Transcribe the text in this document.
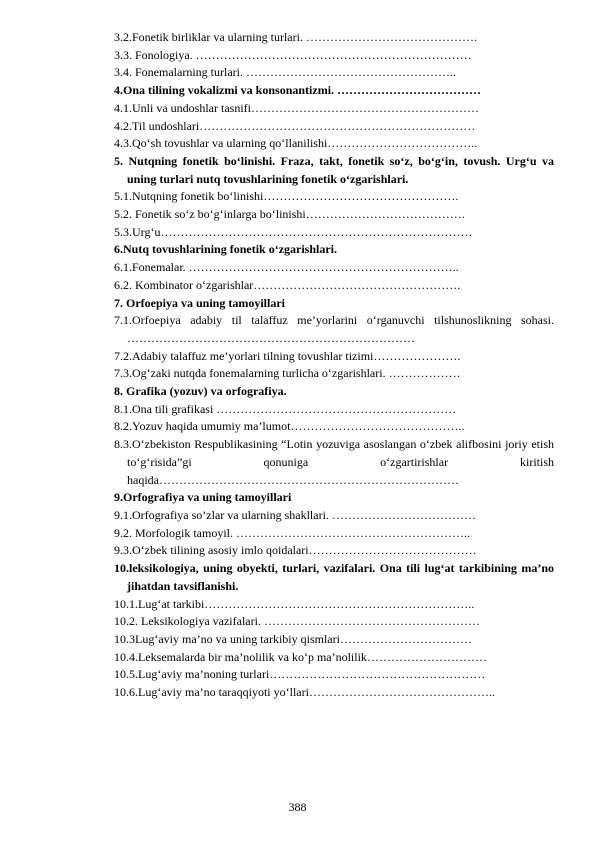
3.2.Fonetik birliklar va ularning turlari. …………………………………….
3.3. Fonologiya. ……………………………………………………………
3.4. Fonemalarning turlari. ……………………………………………..
4.Ona tilining vokalizmi va konsonantizmi. ………………………………
4.1.Unli va undoshlar tasnifi…………………………………………………
4.2.Til undoshlari……………………………………………………………
4.3.Qo‘sh tovushlar va ularning qo‘llanilishi………………………………..
5. Nutqning fonetik bo‘linishi. Fraza, takt, fonetik so‘z, bo‘g‘in, tovush. Urg‘u va uning turlari nutq tovushlarining fonetik o‘zgarishlari.
5.1.Nutqning fonetik bo‘linishi………………………………………….
5.2. Fonetik so‘z bo‘g‘inlarga bo‘linishi………………………………….
5.3.Urg‘u……………………………………………………………………
6.Nutq tovushlarining fonetik o‘zgarishlari.
6.1.Fonemalar. …………………………………………………………..
6.2. Kombinator o‘zgarishlar…………………………………………….
7. Orfoepiya va uning tamoyillari
7.1.Orfoepiya adabiy til talaffuz me’yorlarini o‘rganuvchi tilshunoslikning sohasi. ………………………………………………………………
7.2.Adabiy talaffuz me’yorlari tilning tovushlar tizimi………………….
7.3.Og‘zaki nutqda fonemalarning turlicha o‘zgarishlari. ………………
8. Grafika (yozuv) va orfografiya.
8.1.Ona tili grafikasi ……………………………………………………
8.2.Yozuv haqida umumiy ma’lumot……………………………………..
8.3.O‘zbekiston Respublikasining “Lotin yozuviga asoslangan o‘zbek alifbosini joriy etish to‘g‘risida”gi qonuniga o‘zgartirishlar kiritish haqida…………………………………………………………………
9.Orfografiya va uning tamoyillari
9.1.Orfografiya so’zlar va ularning shakllari. ………………………………
9.2. Morfologik tamoyil. …………………………………………………..
9.3.O‘zbek tilining asosiy imlo qoidalari……………………………………
10.leksikologiya, uning obyekti, turlari, vazifalari. Ona tili lug‘at tarkibining ma’no jihatdan tavsiflanishi.
10.1.Lug‘at tarkibi…………………………………………………………..
10.2. Leksikologiya vazifalari. ………………………………………………
10.3Lug‘aviy ma’no va uning tarkibiy qismlari……………………………
10.4.Leksemalarda bir ma’nolilik va ko‘p ma’nolilik…………………………
10.5.Lug‘aviy ma’noning turlari………………………………………………
10.6.Lug‘aviy ma’no taraqqiyoti yo‘llari………………………………………..
388
